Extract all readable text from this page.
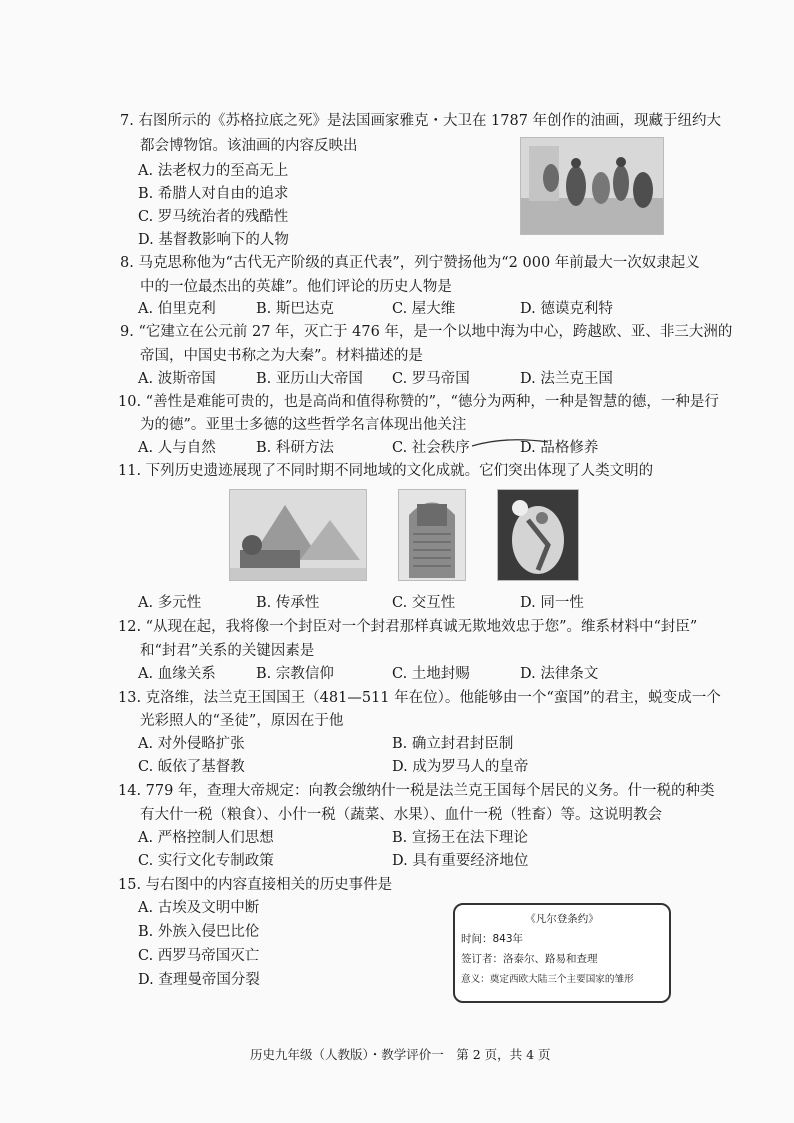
7. 右图所示的《苏格拉底之死》是法国画家雅克・大卫在 1787 年创作的油画，现藏于纽约大
都会博物馆。该油画的内容反映出
A. 法老权力的至高无上
B. 希腊人对自由的追求
C. 罗马统治者的残酷性
D. 基督教影响下的人物
8. 马克思称他为“古代无产阶级的真正代表”，列宁赞扬他为“2 000 年前最大一次奴隶起义
中的一位最杰出的英雄”。他们评论的历史人物是
A. 伯里克利	B. 斯巴达克	C. 屋大维	D. 德谟克利特
9. “它建立在公元前 27 年，灭亡于 476 年，是一个以地中海为中心，跨越欧、亚、非三大洲的
帝国，中国史书称之为大秦”。材料描述的是
A. 波斯帝国	B. 亚历山大帝国 C. 罗马帝国	D. 法兰克王国
10. “善性是难能可贵的，也是高尚和值得称赞的”，“德分为两种，一种是智慧的德，一种是行
为的德”。亚里士多德的这些哲学名言体现出他关注
A. 人与自然	B. 科研方法	C. 社会秩序	D. 品格修养
11. 下列历史遗迹展现了不同时期不同地域的文化成就。它们突出体现了人类文明的
A. 多元性	B. 传承性	C. 交互性	D. 同一性
12. “从现在起，我将像一个封臣对一个封君那样真诚无欺地效忠于您”。维系材料中“封臣”
和“封君”关系的关键因素是
A. 血缘关系	B. 宗教信仰	C. 土地封赐	D. 法律条文
13. 克洛维，法兰克王国国王（481—511 年在位）。他能够由一个“蛮国”的君主，蜕变成一个
光彩照人的“圣徒”，原因在于他
A. 对外侵略扩张	B. 确立封君封臣制
C. 皈依了基督教	D. 成为罗马人的皇帝
14. 779 年，查理大帝规定：向教会缴纳什一税是法兰克王国每个居民的义务。什一税的种类
有大什一税（粮食）、小什一税（蔬菜、水果）、血什一税（牲畜）等。这说明教会
A. 严格控制人们思想	B. 宣扬王在法下理论
C. 实行文化专制政策	D. 具有重要经济地位
15. 与右图中的内容直接相关的历史事件是
A. 古埃及文明中断
B. 外族入侵巴比伦
C. 西罗马帝国灭亡
D. 查理曼帝国分裂
《凡尔登条约》
时间：843年
签订者：洛泰尔、路易和查理
意义：奠定西欧大陆三个主要国家的雏形
历史九年级（人教版）・教学评价一　第 2 页，共 4 页
